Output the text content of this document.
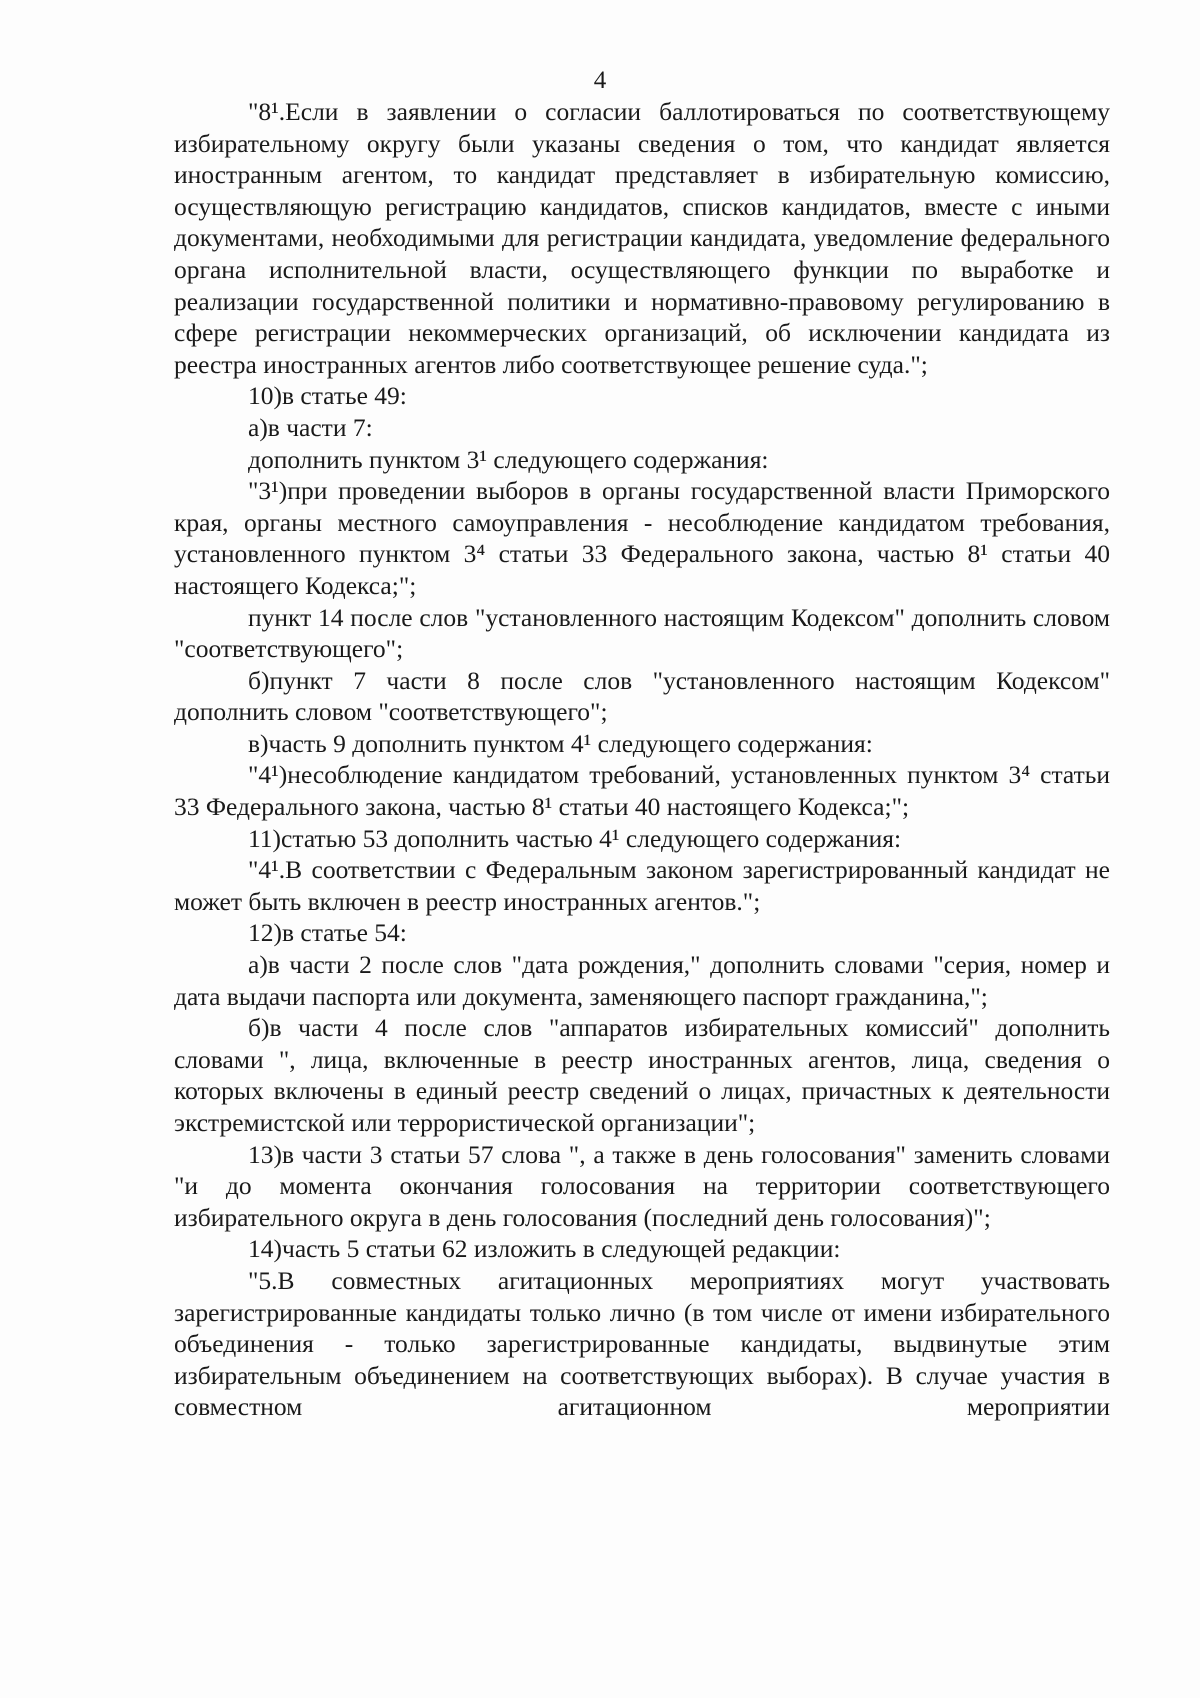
4

"8¹.Если в заявлении о согласии баллотироваться по соответствующему избирательному округу были указаны сведения о том, что кандидат является иностранным агентом, то кандидат представляет в избирательную комиссию, осуществляющую регистрацию кандидатов, списков кандидатов, вместе с иными документами, необходимыми для регистрации кандидата, уведомление федерального органа исполнительной власти, осуществляющего функции по выработке и реализации государственной политики и нормативно-правовому регулированию в сфере регистрации некоммерческих организаций, об исключении кандидата из реестра иностранных агентов либо соответствующее решение суда.";

10)в статье 49:

а)в части 7:

дополнить пунктом 3¹ следующего содержания:

"3¹)при проведении выборов в органы государственной власти Приморского края, органы местного самоуправления - несоблюдение кандидатом требования, установленного пунктом 3⁴ статьи 33 Федерального закона, частью 8¹ статьи 40 настоящего Кодекса;";

пункт 14 после слов "установленного настоящим Кодексом" дополнить словом "соответствующего";

б)пункт 7 части 8 после слов "установленного настоящим Кодексом" дополнить словом "соответствующего";

в)часть 9 дополнить пунктом 4¹ следующего содержания:

"4¹)несоблюдение кандидатом требований, установленных пунктом 3⁴ статьи 33 Федерального закона, частью 8¹ статьи 40 настоящего Кодекса;";

11)статью 53 дополнить частью 4¹ следующего содержания:

"4¹.В соответствии с Федеральным законом зарегистрированный кандидат не может быть включен в реестр иностранных агентов.";

12)в статье 54:

а)в части 2 после слов "дата рождения," дополнить словами "серия, номер и дата выдачи паспорта или документа, заменяющего паспорт гражданина,";

б)в части 4 после слов "аппаратов избирательных комиссий" дополнить словами ", лица, включенные в реестр иностранных агентов, лица, сведения о которых включены в единый реестр сведений о лицах, причастных к деятельности экстремистской или террористической организации";

13)в части 3 статьи 57 слова ", а также в день голосования" заменить словами "и до момента окончания голосования на территории соответствующего избирательного округа в день голосования (последний день голосования)";

14)часть 5 статьи 62 изложить в следующей редакции:

"5.В совместных агитационных мероприятиях могут участвовать зарегистрированные кандидаты только лично (в том числе от имени избирательного объединения - только зарегистрированные кандидаты, выдвинутые этим избирательным объединением на соответствующих выборах). В случае участия в совместном агитационном мероприятии
